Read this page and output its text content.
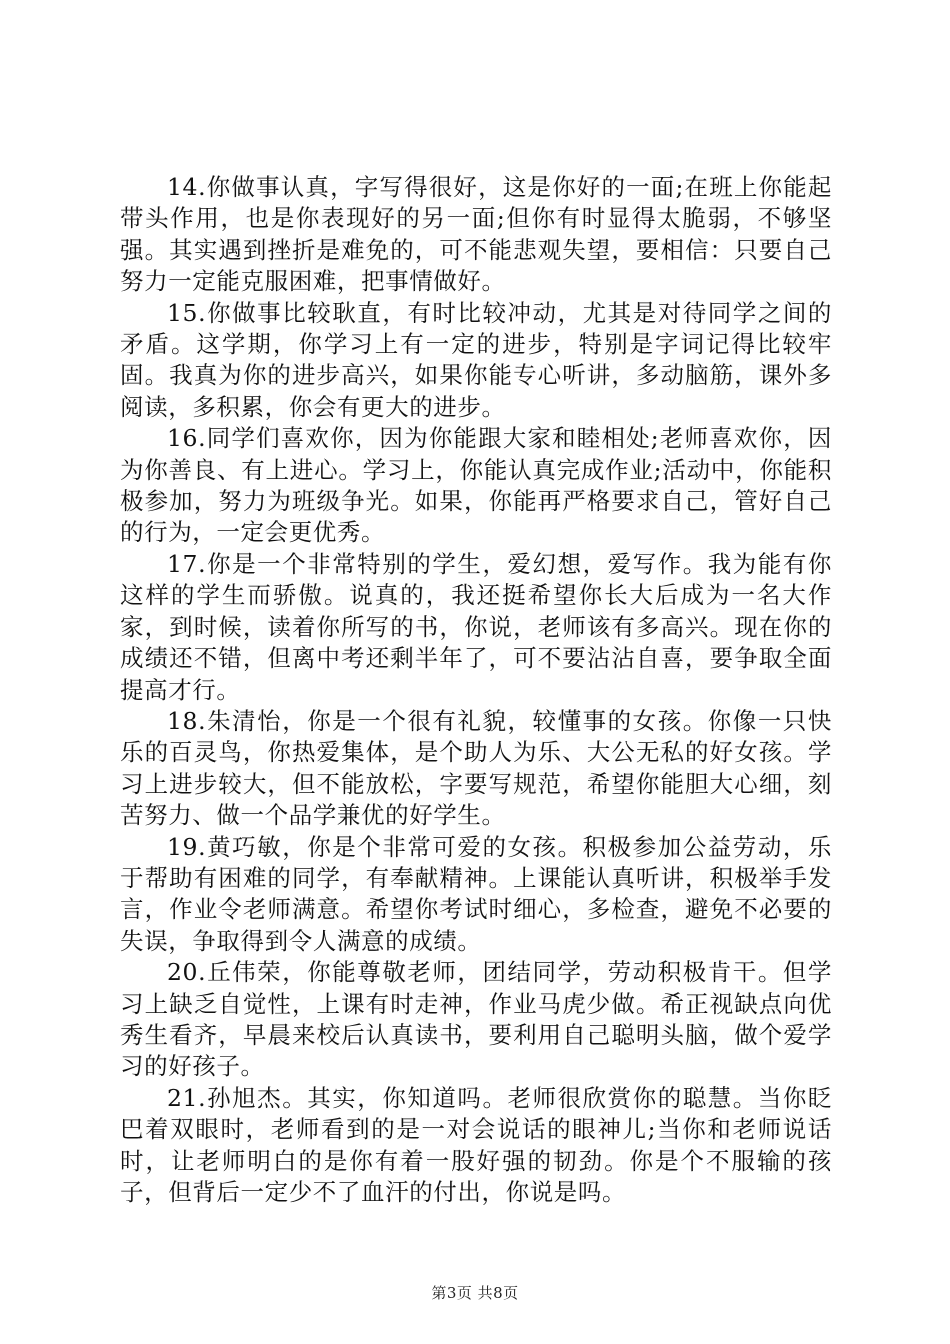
14.你做事认真，字写得很好，这是你好的一面;在班上你能起带头作用，也是你表现好的另一面;但你有时显得太脆弱，不够坚强。其实遇到挫折是难免的，可不能悲观失望，要相信：只要自己努力一定能克服困难，把事情做好。

15.你做事比较耿直，有时比较冲动，尤其是对待同学之间的矛盾。这学期，你学习上有一定的进步，特别是字词记得比较牢固。我真为你的进步高兴，如果你能专心听讲，多动脑筋，课外多阅读，多积累，你会有更大的进步。

16.同学们喜欢你，因为你能跟大家和睦相处;老师喜欢你，因为你善良、有上进心。学习上，你能认真完成作业;活动中，你能积极参加，努力为班级争光。如果，你能再严格要求自己，管好自己的行为，一定会更优秀。

17.你是一个非常特别的学生，爱幻想，爱写作。我为能有你这样的学生而骄傲。说真的，我还挺希望你长大后成为一名大作家，到时候，读着你所写的书，你说，老师该有多高兴。现在你的成绩还不错，但离中考还剩半年了，可不要沾沾自喜，要争取全面提高才行。

18.朱清怡，你是一个很有礼貌，较懂事的女孩。你像一只快乐的百灵鸟，你热爱集体，是个助人为乐、大公无私的好女孩。学习上进步较大，但不能放松，字要写规范，希望你能胆大心细，刻苦努力、做一个品学兼优的好学生。

19.黄巧敏，你是个非常可爱的女孩。积极参加公益劳动，乐于帮助有困难的同学，有奉献精神。上课能认真听讲，积极举手发言，作业令老师满意。希望你考试时细心，多检查，避免不必要的失误，争取得到令人满意的成绩。

20.丘伟荣，你能尊敬老师，团结同学，劳动积极肯干。但学习上缺乏自觉性，上课有时走神，作业马虎少做。希正视缺点向优秀生看齐，早晨来校后认真读书，要利用自己聪明头脑，做个爱学习的好孩子。

21.孙旭杰。其实，你知道吗。老师很欣赏你的聪慧。当你眨巴着双眼时，老师看到的是一对会说话的眼神儿;当你和老师说话时，让老师明白的是你有着一股好强的韧劲。你是个不服输的孩子，但背后一定少不了血汗的付出，你说是吗。

第3页 共8页
